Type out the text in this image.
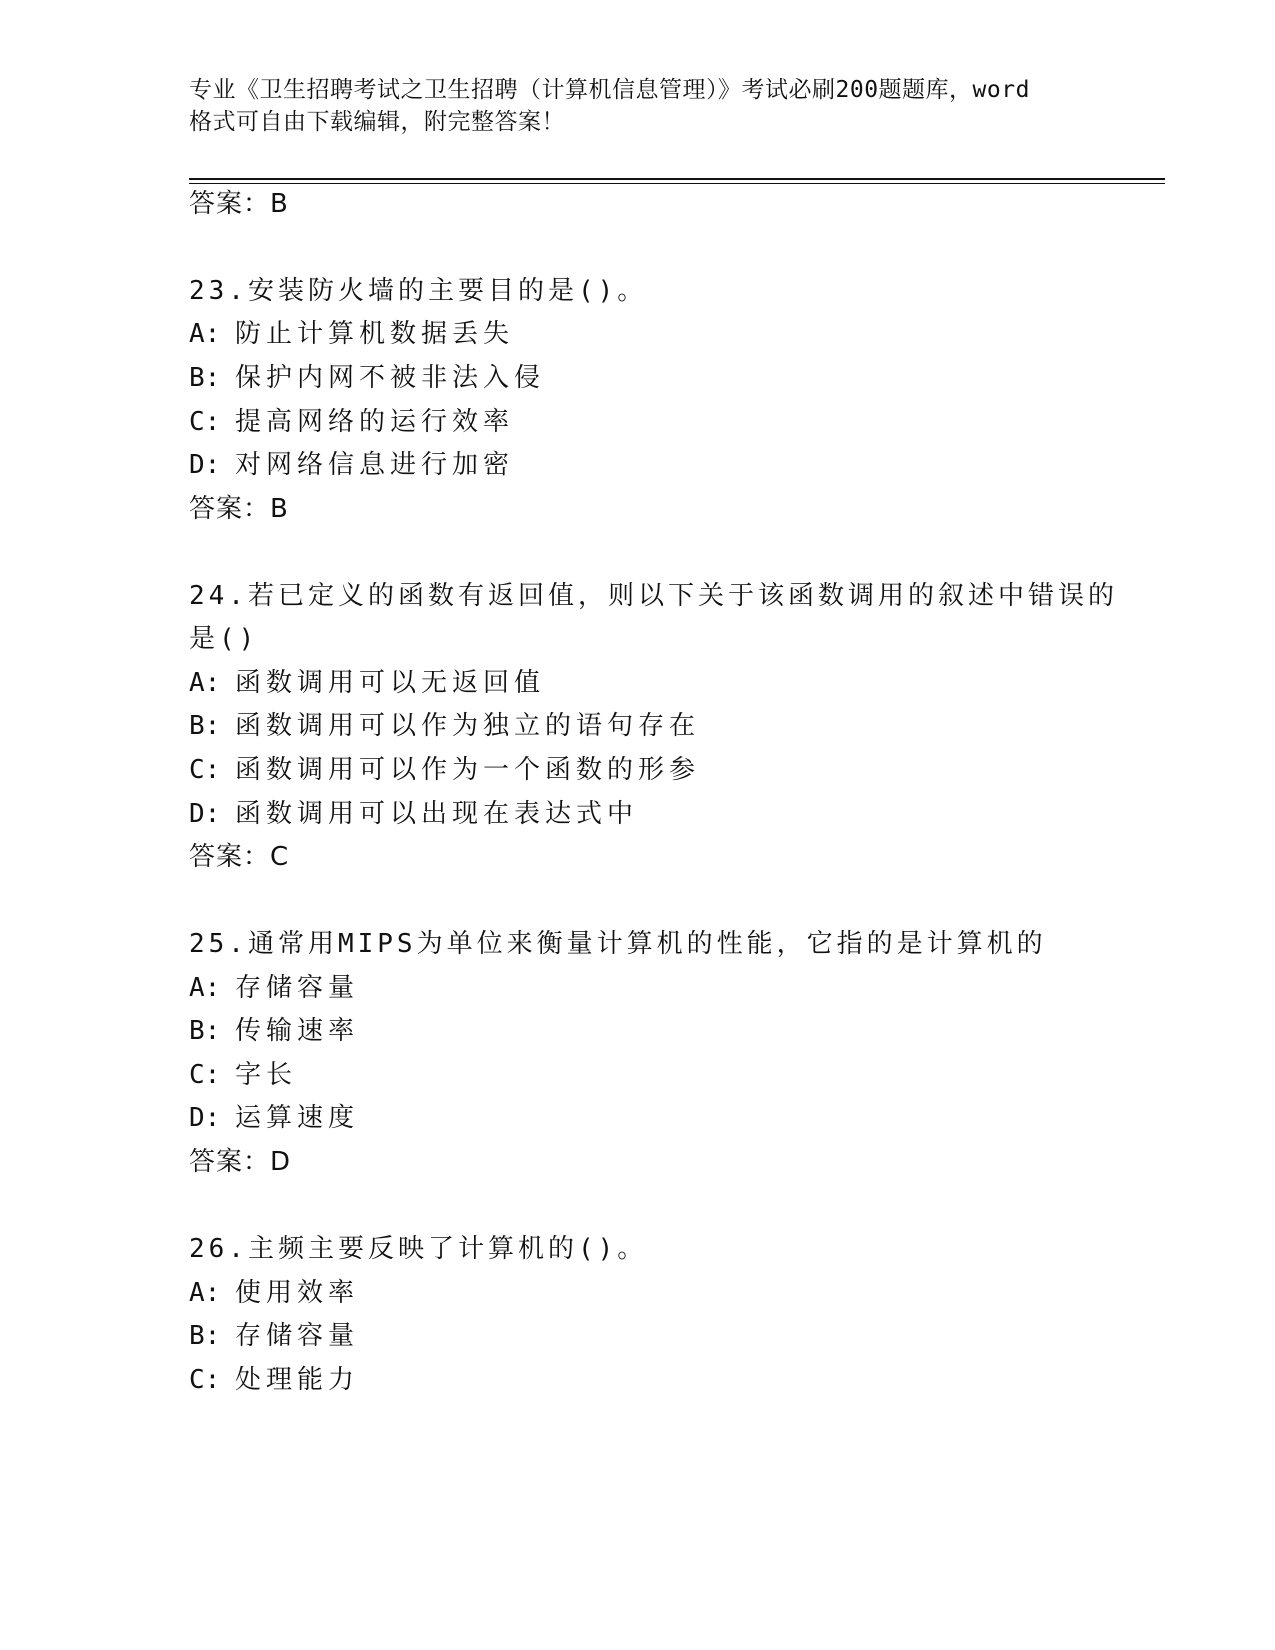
专业《卫生招聘考试之卫生招聘（计算机信息管理）》考试必刷200题题库，word
格式可自由下载编辑，附完整答案！
答案：B
23.安装防火墙的主要目的是()。
A: 防止计算机数据丢失
B: 保护内网不被非法入侵
C: 提高网络的运行效率
D: 对网络信息进行加密
答案：B
24.若已定义的函数有返回值，则以下关于该函数调用的叙述中错误的
是()
A: 函数调用可以无返回值
B: 函数调用可以作为独立的语句存在
C: 函数调用可以作为一个函数的形参
D: 函数调用可以出现在表达式中
答案：C
25.通常用MIPS为单位来衡量计算机的性能，它指的是计算机的
A: 存储容量
B: 传输速率
C: 字长
D: 运算速度
答案：D
26.主频主要反映了计算机的()。
A: 使用效率
B: 存储容量
C: 处理能力
